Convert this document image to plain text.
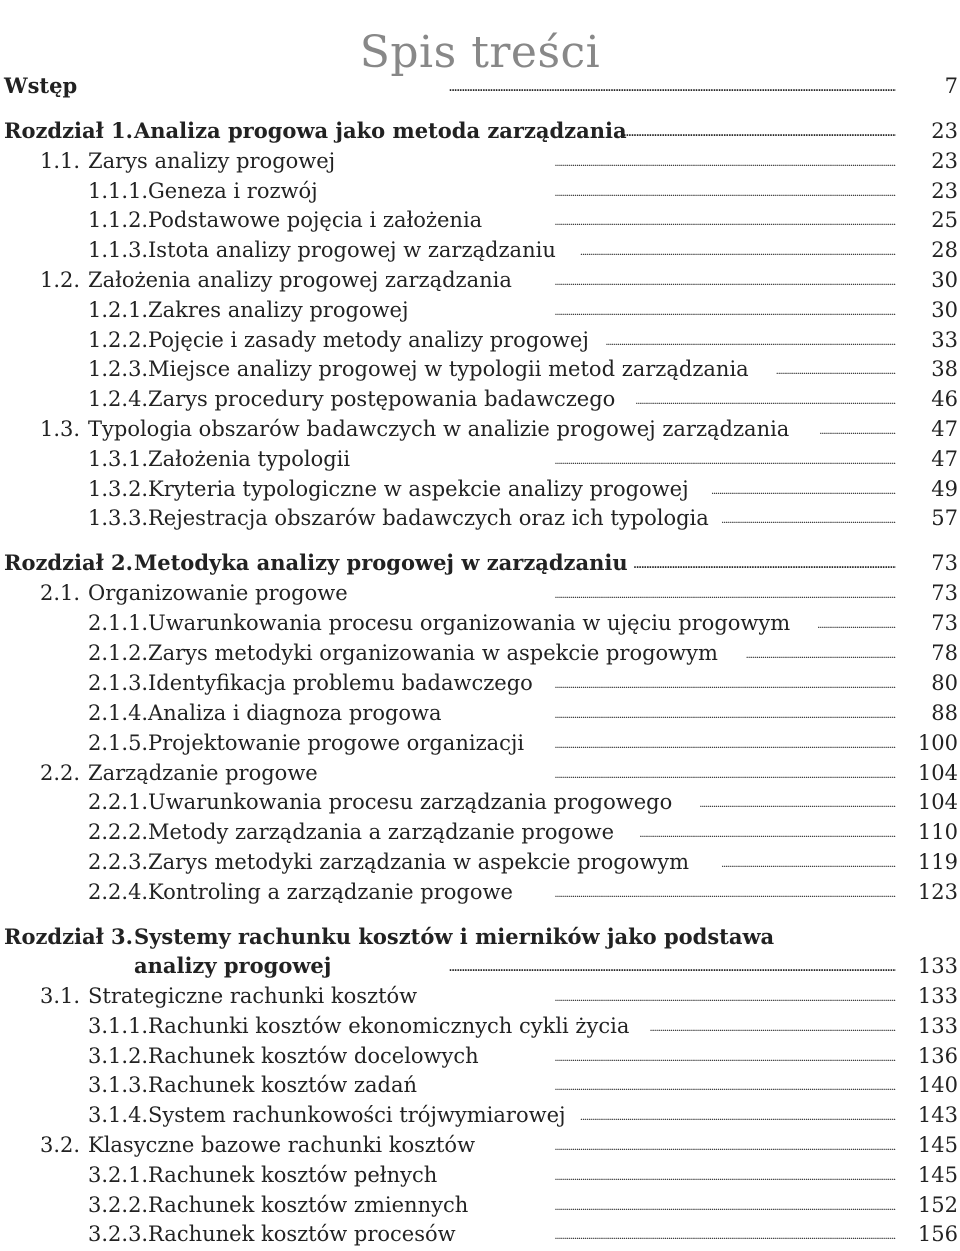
Spis treści
Wstęp . . .	7
Rozdział 1. Analiza progowa jako metoda zarządzania . . .	23
1.1. Zarys analizy progowej . . .	23
1.1.1. Geneza i rozwój . . .	23
1.1.2. Podstawowe pojęcia i założenia . . .	25
1.1.3. Istota analizy progowej w zarządzaniu . . .	28
1.2. Założenia analizy progowej zarządzania . . .	30
1.2.1. Zakres analizy progowej . . .	30
1.2.2. Pojęcie i zasady metody analizy progowej . . .	33
1.2.3. Miejsce analizy progowej w typologii metod zarządzania . . .	38
1.2.4. Zarys procedury postępowania badawczego . . .	46
1.3. Typologia obszarów badawczych w analizie progowej zarządzania . . .	47
1.3.1. Założenia typologii . . .	47
1.3.2. Kryteria typologiczne w aspekcie analizy progowej . . .	49
1.3.3. Rejestracja obszarów badawczych oraz ich typologia . . .	57
Rozdział 2. Metodyka analizy progowej w zarządzaniu . . .	73
2.1. Organizowanie progowe . . .	73
2.1.1. Uwarunkowania procesu organizowania w ujęciu progowym . . .	73
2.1.2. Zarys metodyki organizowania w aspekcie progowym . . .	78
2.1.3. Identyfikacja problemu badawczego . . .	80
2.1.4. Analiza i diagnoza progowa . . .	88
2.1.5. Projektowanie progowe organizacji . . .	100
2.2. Zarządzanie progowe . . .	104
2.2.1. Uwarunkowania procesu zarządzania progowego . . .	104
2.2.2. Metody zarządzania a zarządzanie progowe . . .	110
2.2.3. Zarys metodyki zarządzania w aspekcie progowym . . .	119
2.2.4. Kontroling a zarządzanie progowe . . .	123
Rozdział 3. Systemy rachunku kosztów i mierników jako podstawa
analizy progowej . . .	133
3.1. Strategiczne rachunki kosztów . . .	133
3.1.1. Rachunki kosztów ekonomicznych cykli życia . . .	133
3.1.2. Rachunek kosztów docelowych . . .	136
3.1.3. Rachunek kosztów zadań . . .	140
3.1.4. System rachunkowości trójwymiarowej . . .	143
3.2. Klasyczne bazowe rachunki kosztów . . .	145
3.2.1. Rachunek kosztów pełnych . . .	145
3.2.2. Rachunek kosztów zmiennych . . .	152
3.2.3. Rachunek kosztów procesów . . .	156
